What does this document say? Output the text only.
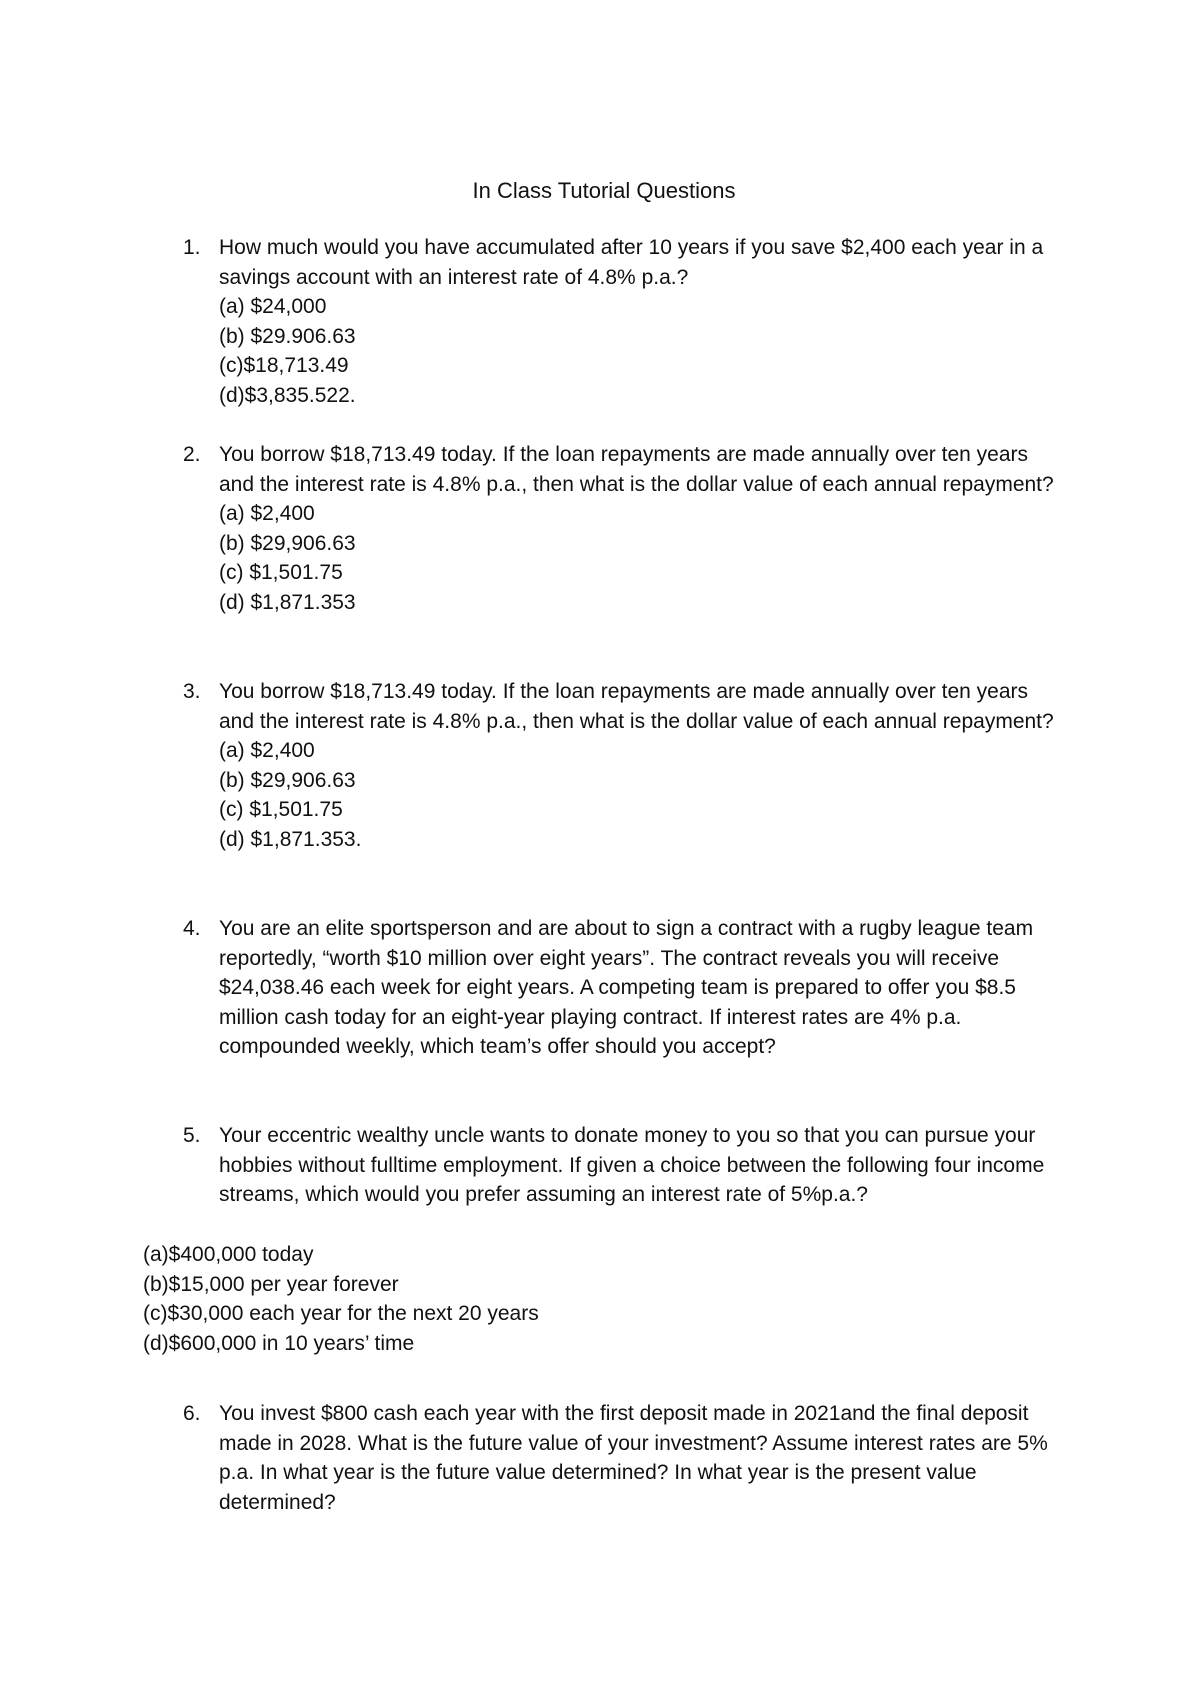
In Class Tutorial Questions
1. How much would you have accumulated after 10 years if you save $2,400 each year in a savings account with an interest rate of 4.8% p.a.?
(a) $24,000
(b) $29.906.63
(c)$18,713.49
(d)$3,835.522.
2. You borrow $18,713.49 today. If the loan repayments are made annually over ten years and the interest rate is 4.8% p.a., then what is the dollar value of each annual repayment?
(a) $2,400
(b) $29,906.63
(c) $1,501.75
(d) $1,871.353
3. You borrow $18,713.49 today. If the loan repayments are made annually over ten years and the interest rate is 4.8% p.a., then what is the dollar value of each annual repayment?
(a) $2,400
(b) $29,906.63
(c) $1,501.75
(d) $1,871.353.
4. You are an elite sportsperson and are about to sign a contract with a rugby league team reportedly, “worth $10 million over eight years”. The contract reveals you will receive $24,038.46 each week for eight years. A competing team is prepared to offer you $8.5 million cash today for an eight-year playing contract. If interest rates are 4% p.a. compounded weekly, which team’s offer should you accept?
5. Your eccentric wealthy uncle wants to donate money to you so that you can pursue your hobbies without fulltime employment. If given a choice between the following four income streams, which would you prefer assuming an interest rate of 5%p.a.?
(a)$400,000 today
(b)$15,000 per year forever
(c)$30,000 each year for the next 20 years
(d)$600,000 in 10 years’ time
6. You invest $800 cash each year with the first deposit made in 2021and the final deposit made in 2028. What is the future value of your investment? Assume interest rates are 5% p.a. In what year is the future value determined? In what year is the present value determined?
